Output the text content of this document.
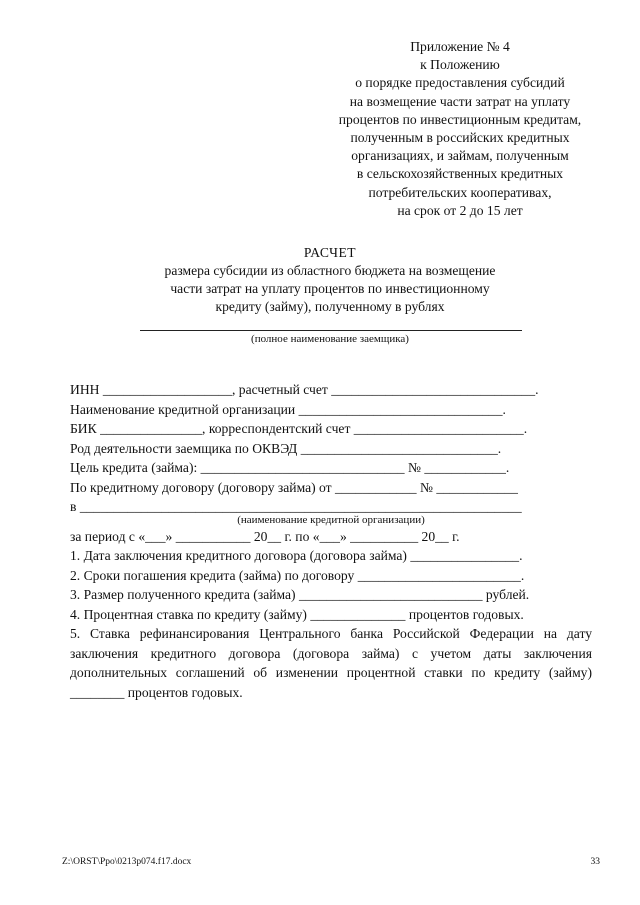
Приложение № 4
к Положению
о порядке предоставления субсидий
на возмещение части затрат на уплату
процентов по инвестиционным кредитам,
полученным в российских кредитных
организациях, и займам, полученным
в сельскохозяйственных кредитных
потребительских кооперативах,
на срок от 2 до 15 лет
РАСЧЕТ
размера субсидии из областного бюджета на возмещение
части затрат на уплату процентов по инвестиционному
кредиту (займу), полученному в рублях
(полное наименование заемщика)
ИНН ___________________, расчетный счет ______________________________.
Наименование кредитной организации ______________________________.
БИК _______________, корреспондентский счет _________________________.
Род деятельности заемщика по ОКВЭД _____________________________.
Цель кредита (займа): ______________________________ № ____________.
По кредитному договору (договору займа) от ____________ № ____________
в _________________________________________________________________
(наименование кредитной организации)
за период с «___» ___________ 20__ г. по «___» __________ 20__ г.
1. Дата заключения кредитного договора (договора займа) ________________.
2. Сроки погашения кредита (займа) по договору ________________________.
3. Размер полученного кредита (займа) ___________________________ рублей.
4. Процентная ставка по кредиту (займу) ______________ процентов годовых.
5. Ставка рефинансирования Центрального банка Российской Федерации на дату заключения кредитного договора (договора займа) с учетом даты заключения дополнительных соглашений об изменении процентной ставки по кредиту (займу) ________ процентов годовых.
Z:\ORST\Ppo\0213p074.f17.docx	33
